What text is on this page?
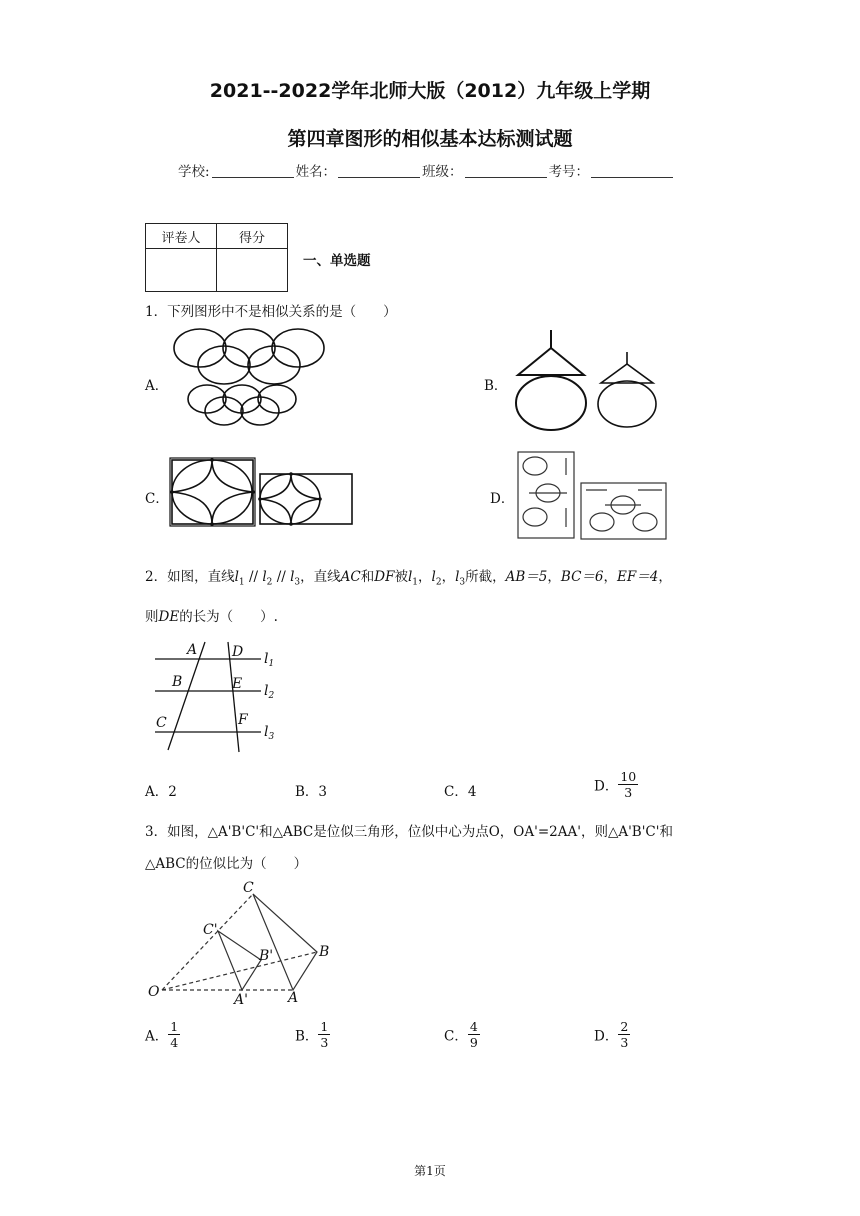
2021--2022学年北师大版（2012）九年级上学期
第四章图形的相似基本达标测试题
学校:	姓名：	班级：	考号：
评卷人	得分

一、单选题
1．下列图形中不是相似关系的是（　　）
A．	B．
C．	D．
2．如图，直线$l_1 // l_2 // l_3$，直线AC和DF被$l_1$，$l_2$，$l_3$所截，AB＝5，BC＝6，EF＝4，
则DE的长为（　　）.
A D
B	E
C	F
$l_1$
$l_2$
$l_3$
A．2	B．3	C．4	D． $\frac{10}{3}$
3．如图，△A'B'C'和△ABC是位似三角形，位似中心为点O，OA'=2AA'，则△A'B'C'和
△ABC的位似比为（　　）
C
C'
B'	B
O	A'	A
A． $\frac{1}{4}$	B． $\frac{1}{3}$	C． $\frac{4}{9}$	D． $\frac{2}{3}$
第1页
